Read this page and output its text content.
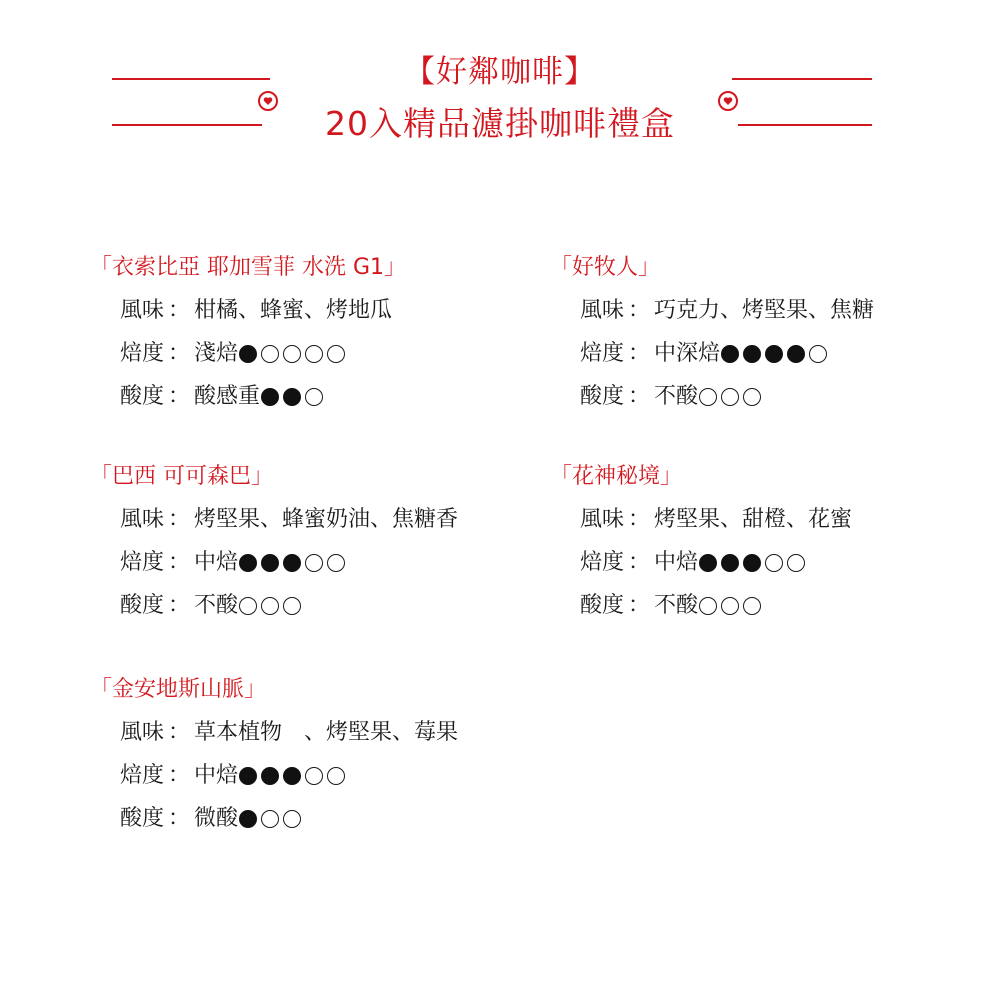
【好鄰咖啡】
20入精品濾掛咖啡禮盒
「衣索比亞 耶加雪菲 水洗 G1」
風味 ： 柑橘、蜂蜜、烤地瓜
焙度 ： 淺焙
酸度 ： 酸感重
「好牧人」
風味 ： 巧克力、烤堅果、焦糖
焙度 ： 中深焙
酸度 ： 不酸
「巴西 可可森巴」
風味 ： 烤堅果、蜂蜜奶油、焦糖香
焙度 ： 中焙
酸度 ： 不酸
「花神秘境」
風味 ： 烤堅果、甜橙、花蜜
焙度 ： 中焙
酸度 ： 不酸
「金安地斯山脈」
風味 ： 草本植物　、烤堅果、莓果
焙度 ： 中焙
酸度 ： 微酸
